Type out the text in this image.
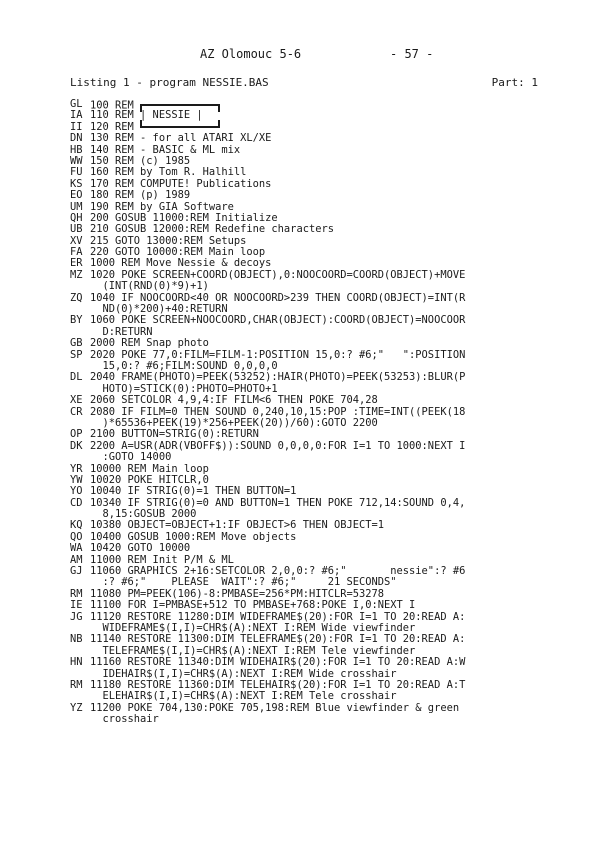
AZ Olomouc 5-6	- 57 -
Listing 1 - program NESSIE.BAS	Part: 1
GL 100 REM
IA 110 REM | NESSIE |
II 120 REM
DN 130 REM - for all ATARI XL/XE
HB 140 REM - BASIC & ML mix
WW 150 REM (c) 1985
FU 160 REM by Tom R. Halhill
KS 170 REM COMPUTE! Publications
EO 180 REM (p) 1989
UM 190 REM by GIA Software
QH 200 GOSUB 11000:REM Initialize
UB 210 GOSUB 12000:REM Redefine characters
XV 215 GOTO 13000:REM Setups
FA 220 GOTO 10000:REM Main loop
ER 1000 REM Move Nessie & decoys
MZ 1020 POKE SCREEN+COORD(OBJECT),0:NOOCOORD=COORD(OBJECT)+MOVE
(INT(RND(0)*9)+1)
ZQ 1040 IF NOOCOORD<40 OR NOOCOORD>239 THEN COORD(OBJECT)=INT(R
ND(0)*200)+40:RETURN
BY 1060 POKE SCREEN+NOOCOORD,CHAR(OBJECT):COORD(OBJECT)=NOOCOOR
D:RETURN
GB 2000 REM Snap photo
SP 2020 POKE 77,0:FILM=FILM-1:POSITION 15,0:? #6;"   ":POSITION
15,0:? #6;FILM:SOUND 0,0,0,0
DL 2040 FRAME(PHOTO)=PEEK(53252):HAIR(PHOTO)=PEEK(53253):BLUR(P
HOTO)=STICK(0):PHOTO=PHOTO+1
XE 2060 SETCOLOR 4,9,4:IF FILM<6 THEN POKE 704,28
CR 2080 IF FILM=0 THEN SOUND 0,240,10,15:POP :TIME=INT((PEEK(18
)*65536+PEEK(19)*256+PEEK(20))/60):GOTO 2200
OP 2100 BUTTON=STRIG(0):RETURN
DK 2200 A=USR(ADR(VBOFF$)):SOUND 0,0,0,0:FOR I=1 TO 1000:NEXT I
:GOTO 14000
YR 10000 REM Main loop
YW 10020 POKE HITCLR,0
YO 10040 IF STRIG(0)=1 THEN BUTTON=1
CD 10340 IF STRIG(0)=0 AND BUTTON=1 THEN POKE 712,14:SOUND 0,4,
8,15:GOSUB 2000
KQ 10380 OBJECT=OBJECT+1:IF OBJECT>6 THEN OBJECT=1
QO 10400 GOSUB 1000:REM Move objects
WA 10420 GOTO 10000
AM 11000 REM Init P/M & ML
GJ 11060 GRAPHICS 2+16:SETCOLOR 2,0,0:? #6;"       nessie":? #6
:? #6;"    PLEASE  WAIT":? #6;"     21 SECONDS"
RM 11080 PM=PEEK(106)-8:PMBASE=256*PM:HITCLR=53278
IE 11100 FOR I=PMBASE+512 TO PMBASE+768:POKE I,0:NEXT I
JG 11120 RESTORE 11280:DIM WIDEFRAME$(20):FOR I=1 TO 20:READ A:
WIDEFRAME$(I,I)=CHR$(A):NEXT I:REM Wide viewfinder
NB 11140 RESTORE 11300:DIM TELEFRAME$(20):FOR I=1 TO 20:READ A:
TELEFRAME$(I,I)=CHR$(A):NEXT I:REM Tele viewfinder
HN 11160 RESTORE 11340:DIM WIDEHAIR$(20):FOR I=1 TO 20:READ A:W
IDEHAIR$(I,I)=CHR$(A):NEXT I:REM Wide crosshair
RM 11180 RESTORE 11360:DIM TELEHAIR$(20):FOR I=1 TO 20:READ A:T
ELEHAIR$(I,I)=CHR$(A):NEXT I:REM Tele crosshair
YZ 11200 POKE 704,130:POKE 705,198:REM Blue viewfinder & green
crosshair
